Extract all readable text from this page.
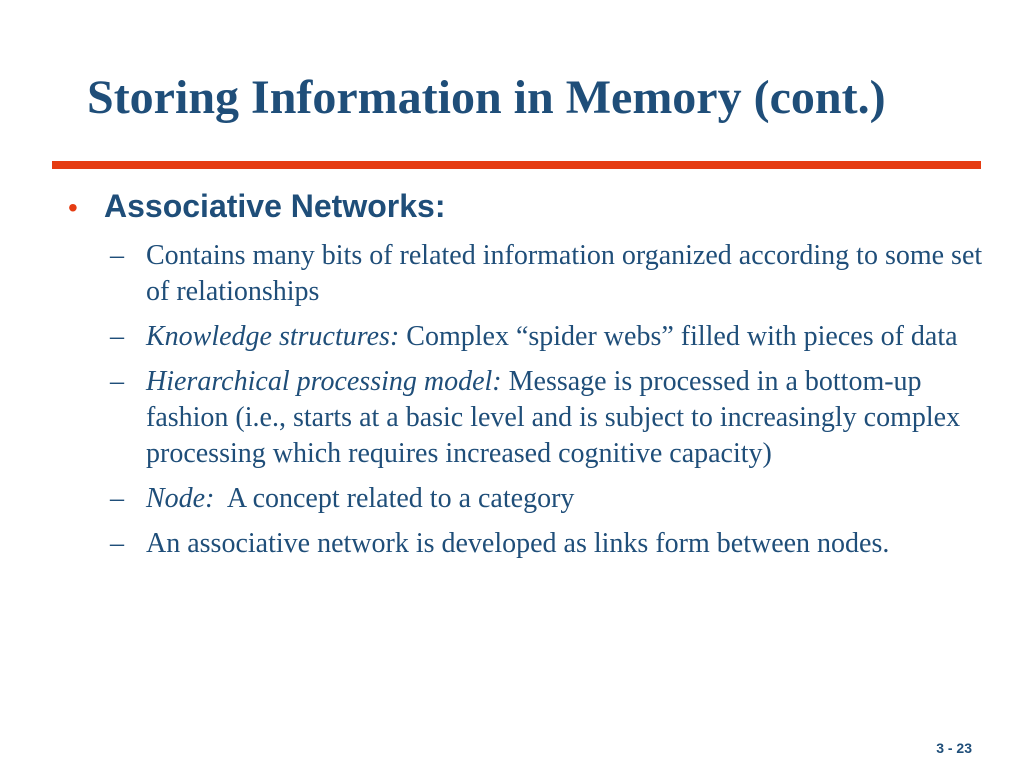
Storing Information in Memory (cont.)
• Associative Networks:
– Contains many bits of related information organized according to some set of relationships

– Knowledge structures: Complex “spider webs” filled with pieces of data

– Hierarchical processing model: Message is processed in a bottom-up fashion (i.e., starts at a basic level and is subject to increasingly complex processing which requires increased cognitive capacity)

– Node:  A concept related to a category

– An associative network is developed as links form between nodes.

3 - 23
